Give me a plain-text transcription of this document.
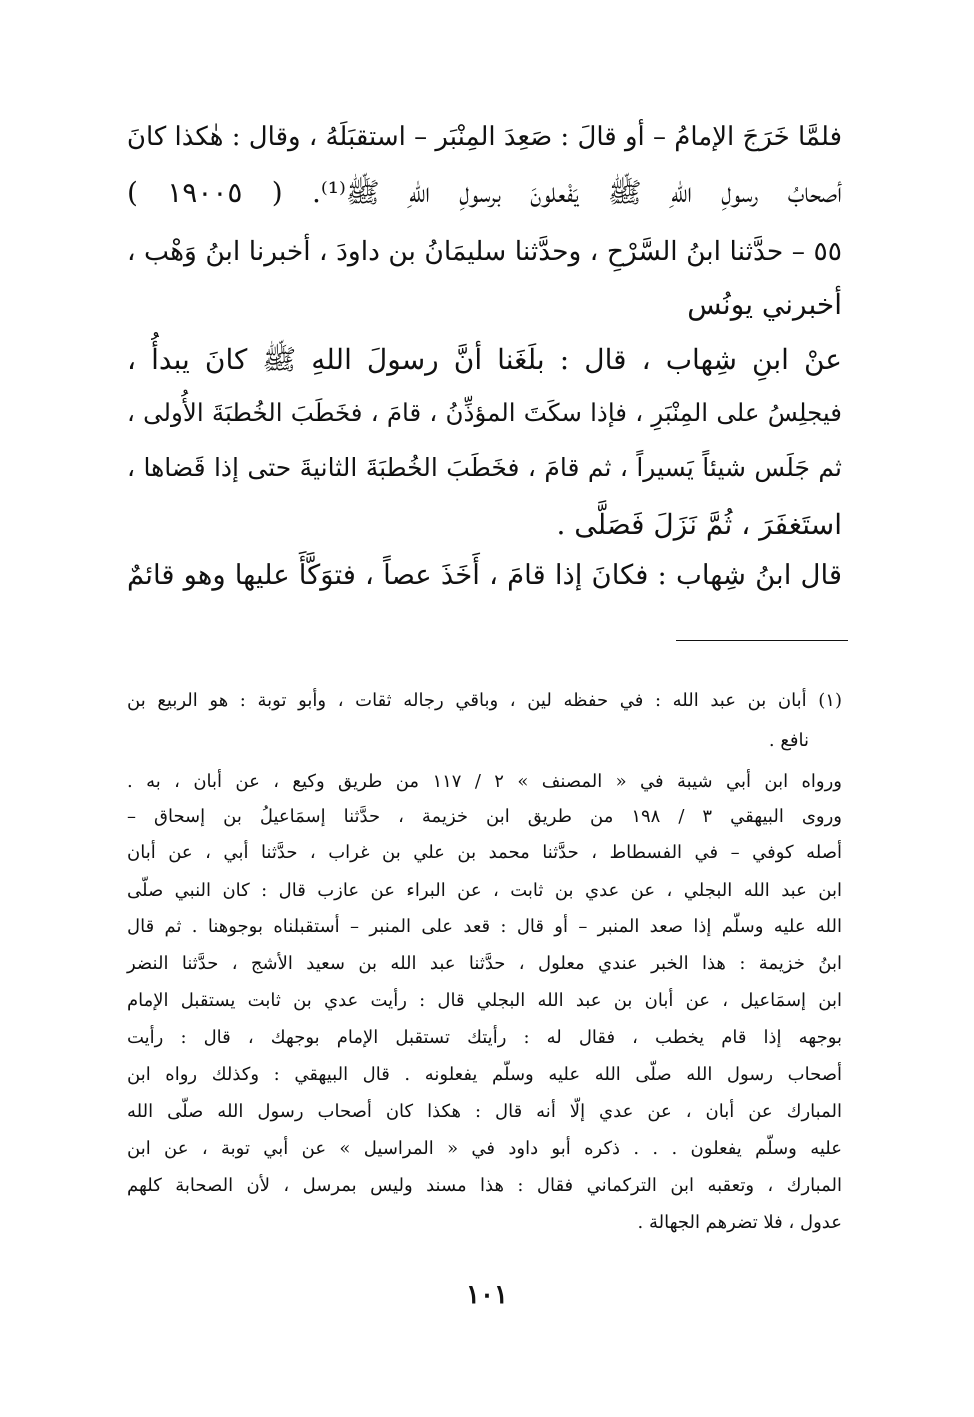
فلمَّا خَرَجَ الإمامُ – أو قالَ : صَعِدَ المِنْبَر – استقبَلَهُ ، وقال : هٰكذا كانَ
أصحابُ رسولِ اللهِ ﷺ يَفْعلونَ برسولِ اللهِ ﷺ⁽¹⁾. ( ١٩٠٠٥ )
٥٥ – حدَّثنا ابنُ السَّرْحِ ، وحدَّثنا سليمَانُ بن داودَ ، أخبرنا ابنُ وَهْب ،
أخبرني يونُس
عنْ ابنِ شِهاب ، قال : بلَغَنا أنَّ رسولَ اللهِ ﷺ كانَ يبدأُ ،
فيجلِسُ على المِنْبَرِ ، فإذا سكَتَ المؤذِّنُ ، قامَ ، فخَطَبَ الخُطبَةَ الأُولى ،
ثم جَلَس شيئاً يَسيراً ، ثم قامَ ، فخَطَبَ الخُطبَةَ الثانيةَ حتى إذا قَضاها ،
استَغفَرَ ، ثُمَّ نَزَلَ فَصَلَّى .
قال ابنُ شِهاب : فكانَ إذا قامَ ، أَخَذَ عصاً ، فتوَكَّأَ عليها وهو قائمٌ
(١) أبان بن عبد الله : في حفظه لين ، وباقي رجاله ثقات ، وأبو توبة : هو الربيع بن
نافع .
ورواه ابن أبي شيبة في « المصنف » ٢ / ١١٧ من طريق وكيع ، عن أبان ، به .
وروى البيهقي ٣ / ١٩٨ من طريق ابن خزيمة ، حدَّثنا إسمَاعيلُ بن إسحاق –
أصله كوفي – في الفسطاط ، حدَّثنا محمد بن علي بن غراب ، حدَّثنا أبي ، عن أبان
ابن عبد الله البجلي ، عن عدي بن ثابت ، عن البراء عن عازب قال : كان النبي صلّى
الله عليه وسلّم إذا صعد المنبر – أو قال : قعد على المنبر – أستقبلناه بوجوهنا . ثم قال
ابنُ خزيمة : هذا الخبر عندي معلول ، حدَّثنا عبد الله بن سعيد الأشج ، حدَّثنا النضر
ابن إسمَاعيل ، عن أبان بن عبد الله البجلي قال : رأيت عدي بن ثابت يستقبل الإمام
بوجهه إذا قام يخطب ، فقال له : رأيتك تستقبل الإمام بوجهك ، قال : رأيت
أصحاب رسول الله صلّى الله عليه وسلّم يفعلونه . قال البيهقي : وكذلك رواه ابن
المبارك عن أبان ، عن عدي إلّا أنه قال : هكذا كان أصحاب رسول الله صلّى الله
عليه وسلّم يفعلون . . . ذكره أبو داود في « المراسيل » عن أبي توبة ، عن ابن
المبارك ، وتعقبه ابن التركماني فقال : هذا مسند وليس بمرسل ، لأن الصحابة كلهم
عدول ، فلا تضرهم الجهالة .
١٠١
